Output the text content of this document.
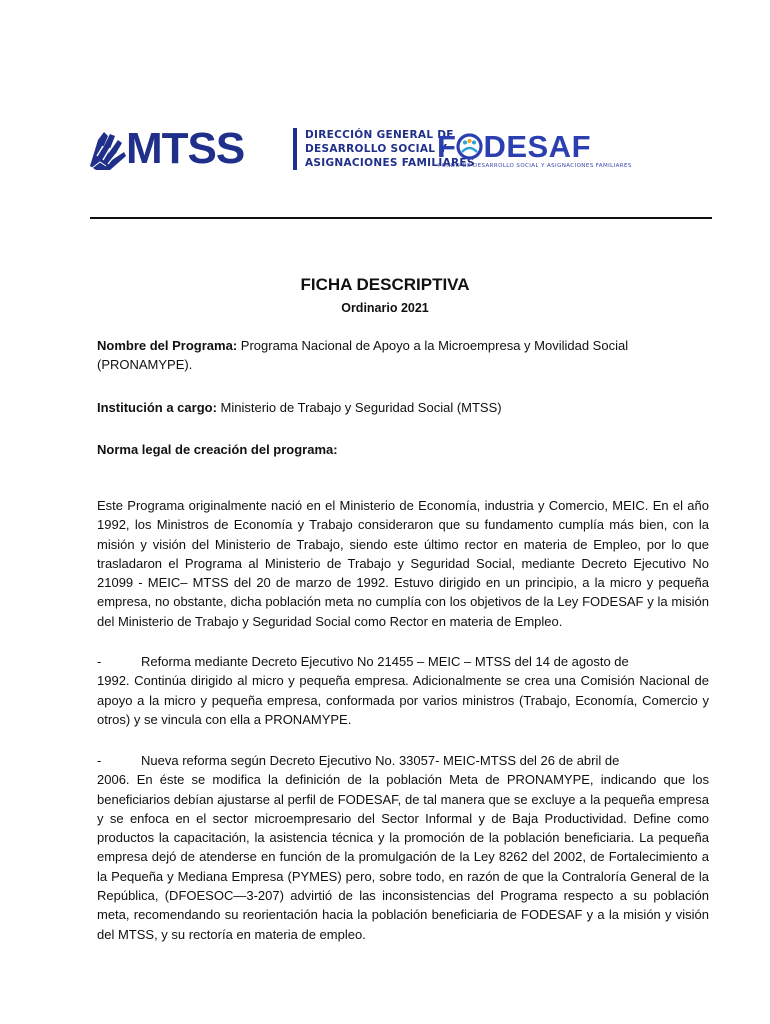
MTSS	DIRECCIÓN GENERAL DE
DESARROLLO SOCIAL Y
ASIGNACIONES FAMILIARES
F DESAF
FONDO DE DESARROLLO SOCIAL Y ASIGNACIONES FAMILIARES
FICHA DESCRIPTIVA
Ordinario 2021
Nombre del Programa: Programa Nacional de Apoyo a la Microempresa y Movilidad Social (PRONAMYPE).
Institución a cargo: Ministerio de Trabajo y Seguridad Social (MTSS)
Norma legal de creación del programa:
Este Programa originalmente nació en el Ministerio de Economía, industria y Comercio, MEIC. En el año 1992, los Ministros de Economía y Trabajo consideraron que su fundamento cumplía más bien, con la misión y visión del Ministerio de Trabajo, siendo este último rector en materia de Empleo, por lo que trasladaron el Programa al Ministerio de Trabajo y Seguridad Social, mediante Decreto Ejecutivo No 21099 - MEIC– MTSS del 20 de marzo de 1992. Estuvo dirigido en un principio, a la micro y pequeña empresa, no obstante, dicha población meta no cumplía con los objetivos de la Ley FODESAF y la misión del Ministerio de Trabajo y Seguridad Social como Rector en materia de Empleo.
-	Reforma mediante Decreto Ejecutivo No 21455 – MEIC – MTSS del 14 de agosto de
1992. Continúa dirigido al micro y pequeña empresa. Adicionalmente se crea una Comisión Nacional de apoyo a la micro y pequeña empresa, conformada por varios ministros (Trabajo, Economía, Comercio y otros) y se vincula con ella a PRONAMYPE.
-	Nueva reforma según Decreto Ejecutivo No. 33057- MEIC-MTSS del 26 de abril de
2006. En éste se modifica la definición de la población Meta de PRONAMYPE, indicando que los beneficiarios debían ajustarse al perfil de FODESAF, de tal manera que se excluye a la pequeña empresa y se enfoca en el sector microempresario del Sector Informal y de Baja Productividad. Define como productos la capacitación, la asistencia técnica y la promoción de la población beneficiaria. La pequeña empresa dejó de atenderse en función de la promulgación de la Ley 8262 del 2002, de Fortalecimiento a la Pequeña y Mediana Empresa (PYMES) pero, sobre todo, en razón de que la Contraloría General de la República, (DFOESOC—3-207) advirtió de las inconsistencias del Programa respecto a su población meta, recomendando su reorientación hacia la población beneficiaria de FODESAF y a la misión y visión del MTSS, y su rectoría en materia de empleo.
